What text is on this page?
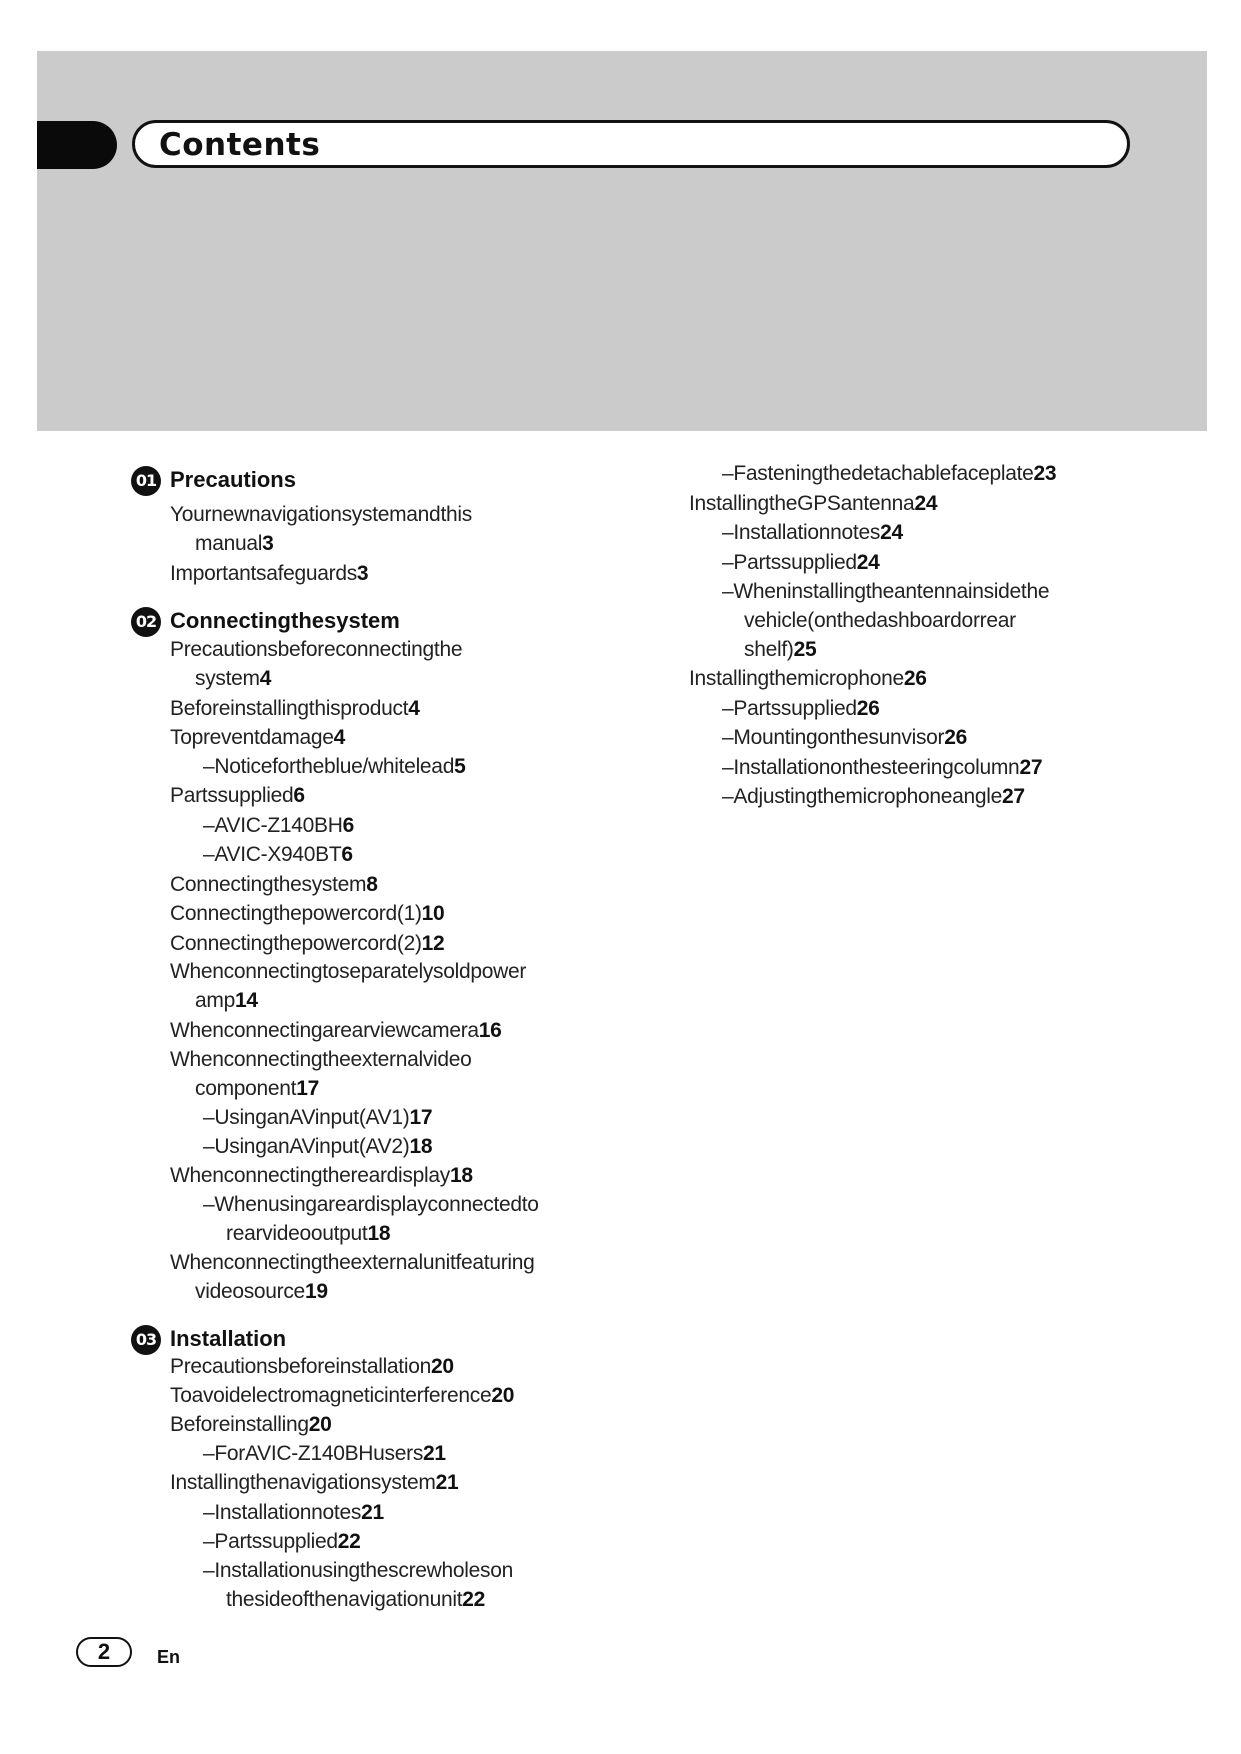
Contents
01 Precautions
02 Connectingthesystem
03 Installation
Yournewnavigationsystemandthis
manual3
Importantsafeguards3
Precautionsbeforeconnectingthe
system4
Beforeinstallingthisproduct4
Topreventdamage4
–Noticefortheblue/whitelead5
Partssupplied6
–AVIC-Z140BH6
–AVIC-X940BT6
Connectingthesystem8
Connectingthepowercord(1)10
Connectingthepowercord(2)12
Whenconnectingtoseparatelysoldpower
amp14
Whenconnectingarearviewcamera16
Whenconnectingtheexternalvideo
component17
–UsinganAVinput(AV1)17
–UsinganAVinput(AV2)18
Whenconnectingthereardisplay18
–Whenusingareardisplayconnectedto
rearvideooutput18
Whenconnectingtheexternalunitfeaturing
videosource19
Precautionsbeforeinstallation20
Toavoidelectromagneticinterference20
Beforeinstalling20
–ForAVIC-Z140BHusers21
Installingthenavigationsystem21
–Installationnotes21
–Partssupplied22
–Installationusingthescrewholeson
thesideofthenavigationunit22
–Fasteningthedetachablefaceplate23
InstallingtheGPSantenna24
–Installationnotes24
–Partssupplied24
–Wheninstallingtheantennainsidethe
vehicle(onthedashboardorrear
shelf)25
Installingthemicrophone26
–Partssupplied26
–Mountingonthesunvisor26
–Installationonthesteeringcolumn27
–Adjustingthemicrophoneangle27
2	En
